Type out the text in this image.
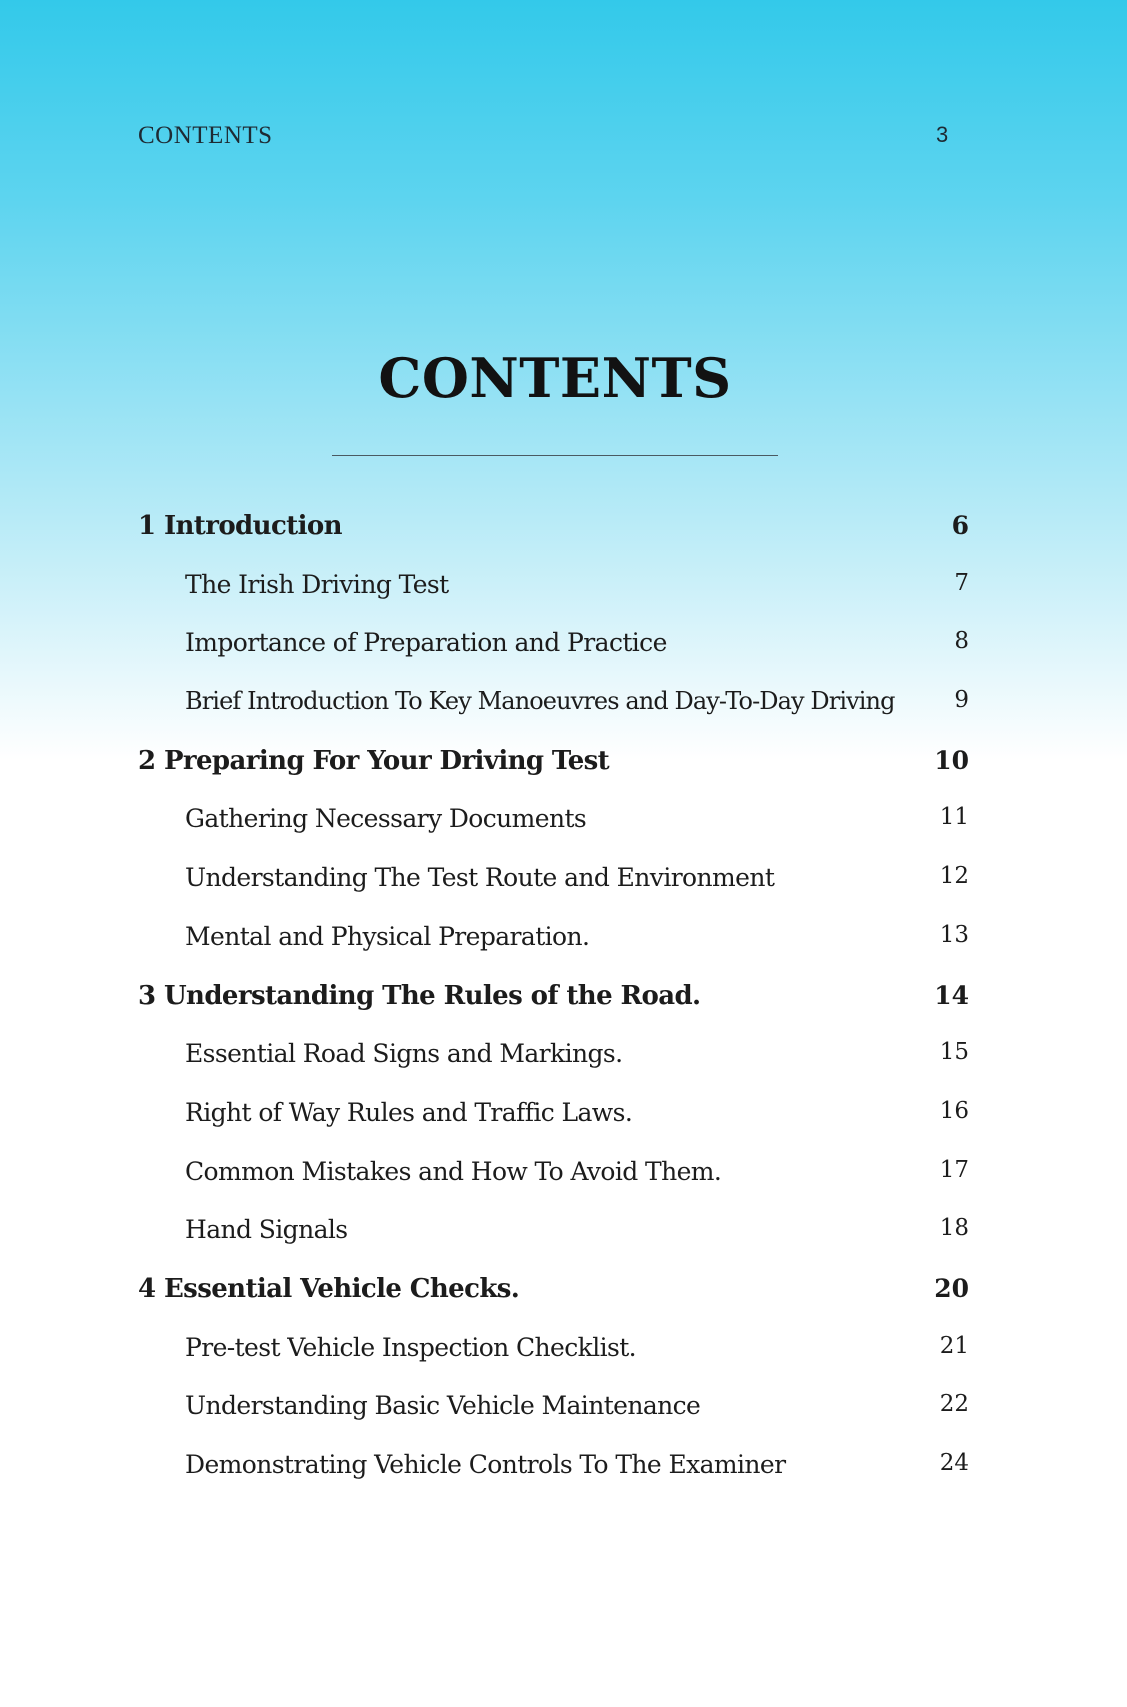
CONTENTS	3
CONTENTS
1 Introduction	6
The Irish Driving Test	7
Importance of Preparation and Practice	8
Brief Introduction To Key Manoeuvres and Day-To-Day Driving	9
2 Preparing For Your Driving Test	10
Gathering Necessary Documents	11
Understanding The Test Route and Environment	12
Mental and Physical Preparation.	13
3 Understanding The Rules of the Road.	14
Essential Road Signs and Markings.	15
Right of Way Rules and Traffic Laws.	16
Common Mistakes and How To Avoid Them.	17
Hand Signals	18
4 Essential Vehicle Checks.	20
Pre-test Vehicle Inspection Checklist.	21
Understanding Basic Vehicle Maintenance	22
Demonstrating Vehicle Controls To The Examiner	24
